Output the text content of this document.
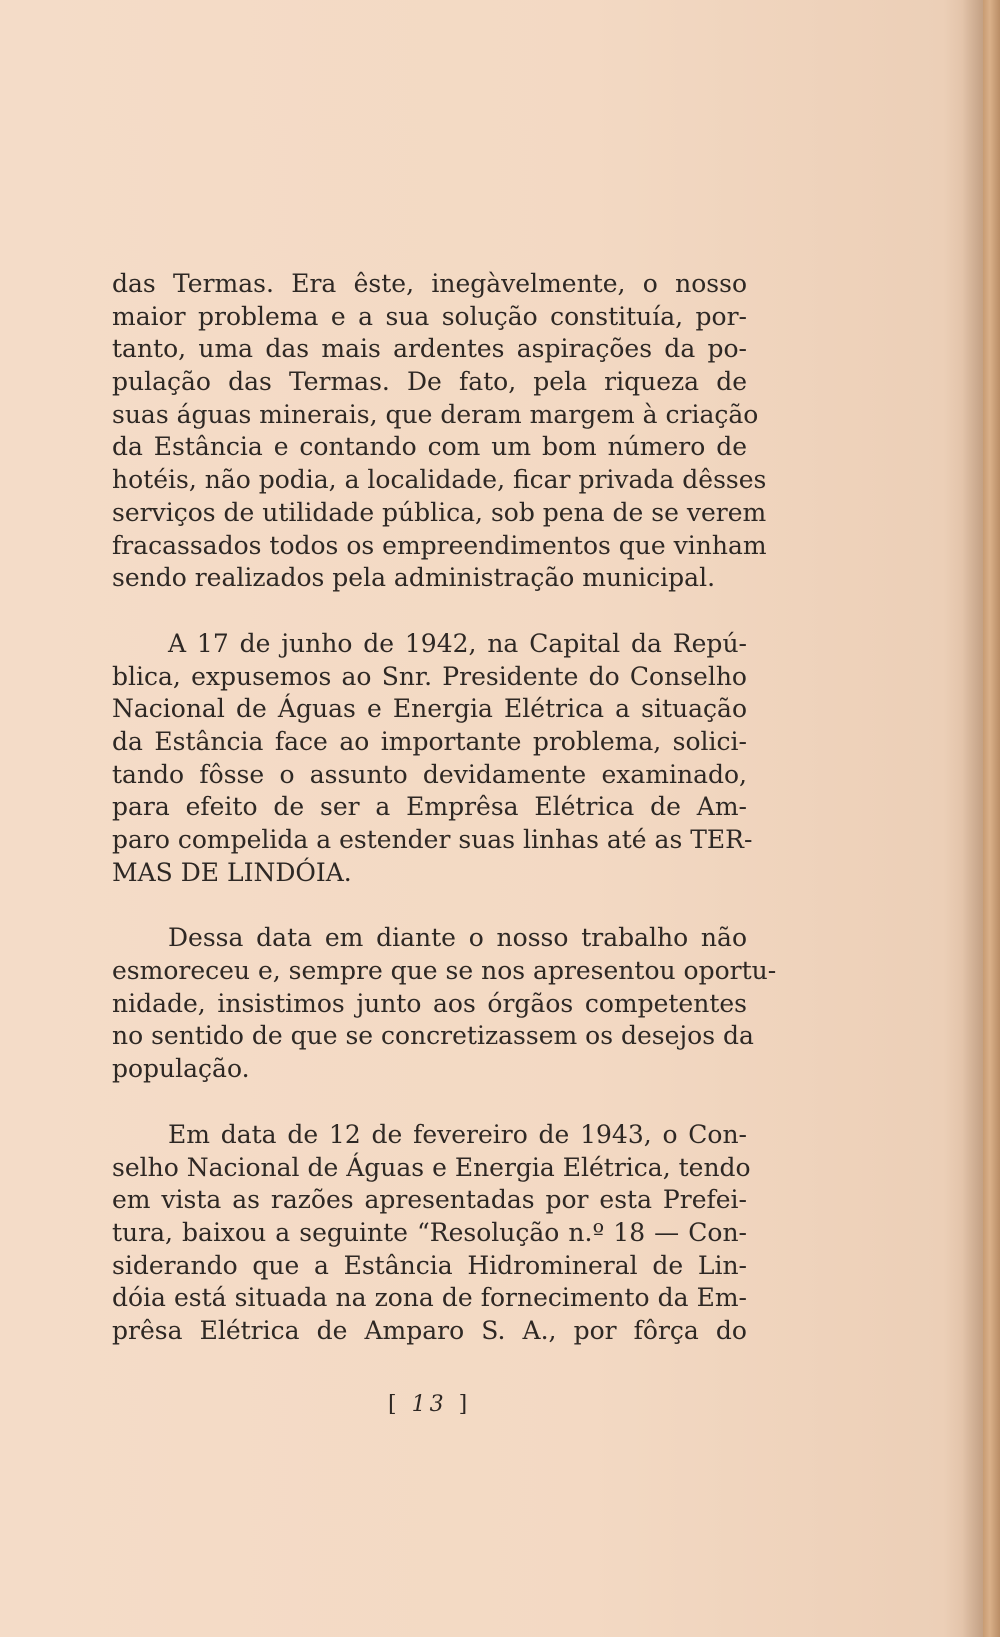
das Termas. Era êste, inegàvelmente, o nosso
maior problema e a sua solução constituía, por-
tanto, uma das mais ardentes aspirações da po-
pulação das Termas. De fato, pela riqueza de
suas águas minerais, que deram margem à criação
da Estância e contando com um bom número de
hotéis, não podia, a localidade, ficar privada dêsses
serviços de utilidade pública, sob pena de se verem
fracassados todos os empreendimentos que vinham
sendo realizados pela administração municipal.
A 17 de junho de 1942, na Capital da Repú-
blica, expusemos ao Snr. Presidente do Conselho
Nacional de Águas e Energia Elétrica a situação
da Estância face ao importante problema, solici-
tando fôsse o assunto devidamente examinado,
para efeito de ser a Emprêsa Elétrica de Am-
paro compelida a estender suas linhas até as TER-
MAS DE LINDÓIA.
Dessa data em diante o nosso trabalho não
esmoreceu e, sempre que se nos apresentou oportu-
nidade, insistimos junto aos órgãos competentes
no sentido de que se concretizassem os desejos da
população.
Em data de 12 de fevereiro de 1943, o Con-
selho Nacional de Águas e Energia Elétrica, tendo
em vista as razões apresentadas por esta Prefei-
tura, baixou a seguinte “Resolução n.º 18 — Con-
siderando que a Estância Hidromineral de Lin-
dóia está situada na zona de fornecimento da Em-
prêsa Elétrica de Amparo S. A., por fôrça do
[ 13 ]
